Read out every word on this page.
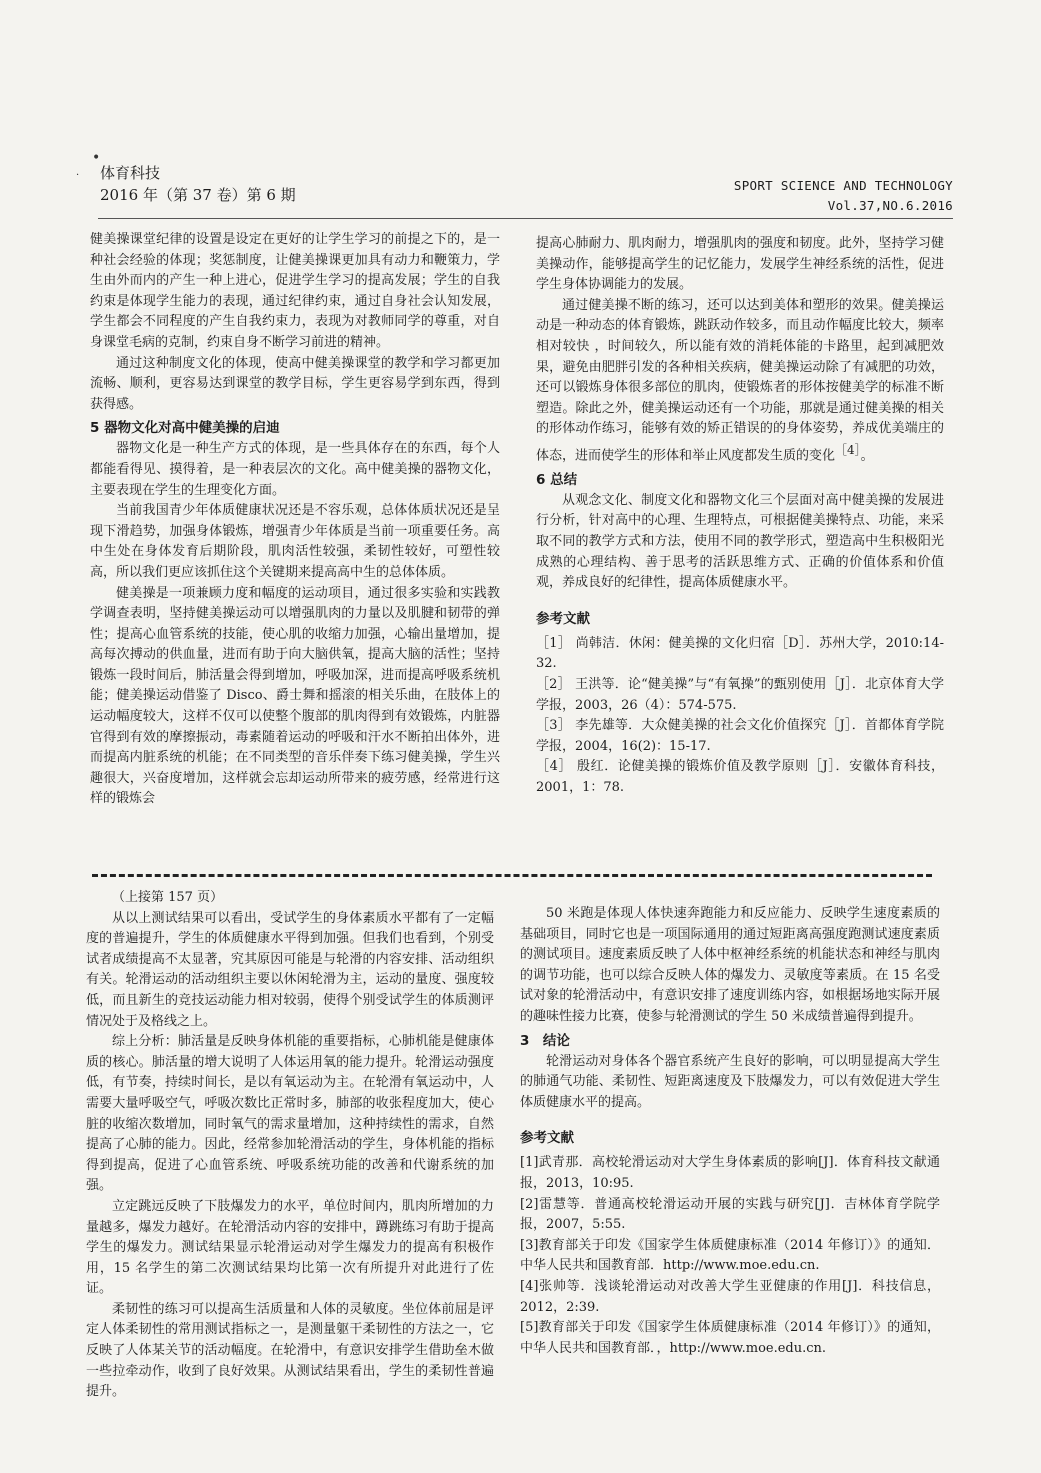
•
· 体育科技
2016 年（第 37 卷）第 6 期
SPORT SCIENCE AND TECHNOLOGY
Vol.37,NO.6.2016

健美操课堂纪律的设置是设定在更好的让学生学习的前提之下的，是一种社会经验的体现；奖惩制度，让健美操课更加具有动力和鞭策力，学生由外而内的产生一种上进心，促进学生学习的提高发展；学生的自我约束是体现学生能力的表现，通过纪律约束，通过自身社会认知发展，学生都会不同程度的产生自我约束力，表现为对教师同学的尊重，对自身课堂毛病的克制，约束自身不断学习前进的精神。

通过这种制度文化的体现，使高中健美操课堂的教学和学习都更加流畅、顺利，更容易达到课堂的教学目标，学生更容易学到东西，得到获得感。

5 器物文化对高中健美操的启迪

器物文化是一种生产方式的体现，是一些具体存在的东西，每个人都能看得见、摸得着，是一种表层次的文化。高中健美操的器物文化，主要表现在学生的生理变化方面。

当前我国青少年体质健康状况还是不容乐观，总体体质状况还是呈现下滑趋势，加强身体锻炼，增强青少年体质是当前一项重要任务。高中生处在身体发育后期阶段，肌肉活性较强，柔韧性较好，可塑性较高，所以我们更应该抓住这个关键期来提高高中生的总体体质。

健美操是一项兼顾力度和幅度的运动项目，通过很多实验和实践教学调查表明，坚持健美操运动可以增强肌肉的力量以及肌腱和韧带的弹性；提高心血管系统的技能，使心肌的收缩力加强，心输出量增加，提高每次搏动的供血量，进而有助于向大脑供氧，提高大脑的活性；坚持锻炼一段时间后，肺活量会得到增加，呼吸加深，进而提高呼吸系统机能；健美操运动借鉴了 Disco、爵士舞和摇滚的相关乐曲，在肢体上的运动幅度较大，这样不仅可以使整个腹部的肌肉得到有效锻炼，内脏器官得到有效的摩擦振动，毒素随着运动的呼吸和汗水不断拍出体外，进而提高内脏系统的机能；在不同类型的音乐伴奏下练习健美操，学生兴趣很大，兴奋度增加，这样就会忘却运动所带来的疲劳感，经常进行这样的锻炼会

提高心肺耐力、肌肉耐力，增强肌肉的强度和韧度。此外，坚持学习健美操动作，能够提高学生的记忆能力，发展学生神经系统的活性，促进学生身体协调能力的发展。

通过健美操不断的练习，还可以达到美体和塑形的效果。健美操运动是一种动态的体育锻炼，跳跃动作较多，而且动作幅度比较大，频率相对较快 ，时间较久，所以能有效的消耗体能的卡路里，起到减肥效果，避免由肥胖引发的各种相关疾病，健美操运动除了有减肥的功效，还可以锻炼身体很多部位的肌肉，使锻炼者的形体按健美学的标准不断塑造。除此之外，健美操运动还有一个功能，那就是通过健美操的相关的形体动作练习，能够有效的矫正错误的的身体姿势，养成优美端庄的体态，进而使学生的形体和举止风度都发生质的变化$^{[4]}$。

6 总结

从观念文化、制度文化和器物文化三个层面对高中健美操的发展进行分析，针对高中的心理、生理特点，可根据健美操特点、功能，来采取不同的教学方式和方法，使用不同的教学形式，塑造高中生积极阳光成熟的心理结构、善于思考的活跃思维方式、正确的价值体系和价值观，养成良好的纪律性，提高体质健康水平。

参考文献

［1］ 尚韩洁．休闲：健美操的文化归宿［D］．苏州大学，2010:14-32.

［2］ 王洪等．论“健美操”与“有氧操”的甄别使用［J］．北京体育大学学报，2003，26（4）：574-575.

［3］ 李先雄等．大众健美操的社会文化价值探究［J］．首都体育学院学报，2004，16(2)：15-17.

［4］ 殷红．论健美操的锻炼价值及教学原则［J］．安徽体育科技，2001，1：78.

（上接第 157 页）

从以上测试结果可以看出，受试学生的身体素质水平都有了一定幅度的普遍提升，学生的体质健康水平得到加强。但我们也看到，个别受试者成绩提高不太显著，究其原因可能是与轮滑的内容安排、活动组织有关。轮滑运动的活动组织主要以休闲轮滑为主，运动的量度、强度较低，而且新生的竞技运动能力相对较弱，使得个别受试学生的体质测评情况处于及格线之上。

综上分析：肺活量是反映身体机能的重要指标，心肺机能是健康体质的核心。肺活量的增大说明了人体运用氧的能力提升。轮滑运动强度低，有节奏，持续时间长，是以有氧运动为主。在轮滑有氧运动中，人需要大量呼吸空气，呼吸次数比正常时多，肺部的收张程度加大，使心脏的收缩次数增加，同时氧气的需求量增加，这种持续性的需求，自然提高了心肺的能力。因此，经常参加轮滑活动的学生，身体机能的指标得到提高，促进了心血管系统、呼吸系统功能的改善和代谢系统的加强。

立定跳远反映了下肢爆发力的水平，单位时间内，肌肉所增加的力量越多，爆发力越好。在轮滑活动内容的安排中，蹲跳练习有助于提高学生的爆发力。测试结果显示轮滑运动对学生爆发力的提高有积极作用，15 名学生的第二次测试结果均比第一次有所提升对此进行了佐证。

柔韧性的练习可以提高生活质量和人体的灵敏度。坐位体前屈是评定人体柔韧性的常用测试指标之一，是测量躯干柔韧性的方法之一，它反映了人体某关节的活动幅度。在轮滑中，有意识安排学生借助垒木做一些拉牵动作，收到了良好效果。从测试结果看出，学生的柔韧性普遍提升。

50 米跑是体现人体快速奔跑能力和反应能力、反映学生速度素质的基础项目，同时它也是一项国际通用的通过短距离高强度跑测试速度素质的测试项目。速度素质反映了人体中枢神经系统的机能状态和神经与肌肉的调节功能，也可以综合反映人体的爆发力、灵敏度等素质。在 15 名受试对象的轮滑活动中，有意识安排了速度训练内容，如根据场地实际开展的趣味性接力比赛，使参与轮滑测试的学生 50 米成绩普遍得到提升。

3　结论

轮滑运动对身体各个器官系统产生良好的影响，可以明显提高大学生的肺通气功能、柔韧性、短距离速度及下肢爆发力，可以有效促进大学生体质健康水平的提高。

参考文献

[1]武青那．高校轮滑运动对大学生身体素质的影响[J]．体育科技文献通报，2013，10:95.

[2]雷慧等．普通高校轮滑运动开展的实践与研究[J]．吉林体育学院学报，2007，5:55.

[3]教育部关于印发《国家学生体质健康标准（2014 年修订）》的通知．中华人民共和国教育部．http://www.moe.edu.cn.

[4]张帅等．浅谈轮滑运动对改善大学生亚健康的作用[J]．科技信息，2012，2:39.

[5]教育部关于印发《国家学生体质健康标准（2014 年修订）》的通知，中华人民共和国教育部．，http://www.moe.edu.cn.
